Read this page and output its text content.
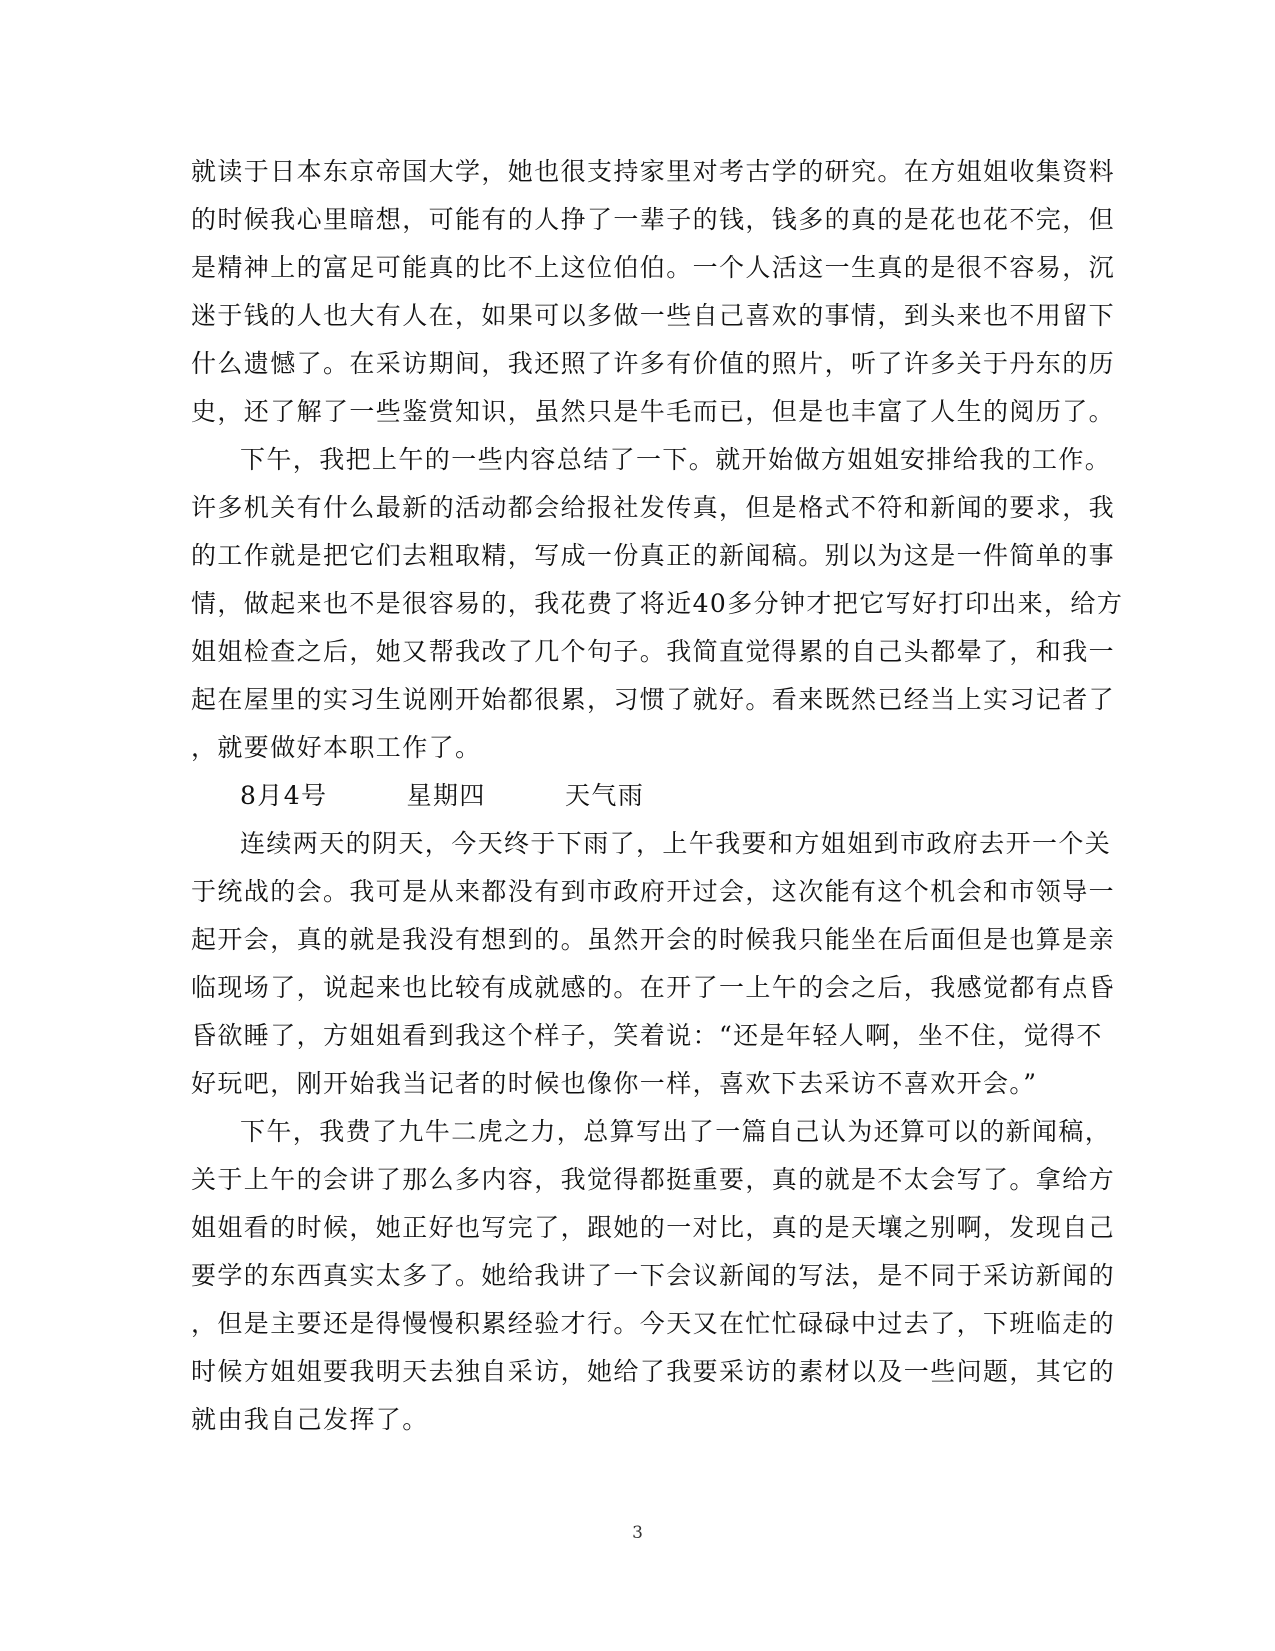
就读于日本东京帝国大学，她也很支持家里对考古学的研究。在方姐姐收集资料
的时候我心里暗想，可能有的人挣了一辈子的钱，钱多的真的是花也花不完，但
是精神上的富足可能真的比不上这位伯伯。一个人活这一生真的是很不容易，沉
迷于钱的人也大有人在，如果可以多做一些自己喜欢的事情，到头来也不用留下
什么遗憾了。在采访期间，我还照了许多有价值的照片，听了许多关于丹东的历
史，还了解了一些鉴赏知识，虽然只是牛毛而已，但是也丰富了人生的阅历了。
下午，我把上午的一些内容总结了一下。就开始做方姐姐安排给我的工作。
许多机关有什么最新的活动都会给报社发传真，但是格式不符和新闻的要求，我
的工作就是把它们去粗取精，写成一份真正的新闻稿。别以为这是一件简单的事
情，做起来也不是很容易的，我花费了将近40多分钟才把它写好打印出来，给方
姐姐检查之后，她又帮我改了几个句子。我简直觉得累的自己头都晕了，和我一
起在屋里的实习生说刚开始都很累，习惯了就好。看来既然已经当上实习记者了
，就要做好本职工作了。
8月4号　　　星期四　　　天气雨
连续两天的阴天，今天终于下雨了，上午我要和方姐姐到市政府去开一个关
于统战的会。我可是从来都没有到市政府开过会，这次能有这个机会和市领导一
起开会，真的就是我没有想到的。虽然开会的时候我只能坐在后面但是也算是亲
临现场了，说起来也比较有成就感的。在开了一上午的会之后，我感觉都有点昏
昏欲睡了，方姐姐看到我这个样子，笑着说：“还是年轻人啊，坐不住，觉得不
好玩吧，刚开始我当记者的时候也像你一样，喜欢下去采访不喜欢开会。”
下午，我费了九牛二虎之力，总算写出了一篇自己认为还算可以的新闻稿，
关于上午的会讲了那么多内容，我觉得都挺重要，真的就是不太会写了。拿给方
姐姐看的时候，她正好也写完了，跟她的一对比，真的是天壤之别啊，发现自己
要学的东西真实太多了。她给我讲了一下会议新闻的写法，是不同于采访新闻的
，但是主要还是得慢慢积累经验才行。今天又在忙忙碌碌中过去了，下班临走的
时候方姐姐要我明天去独自采访，她给了我要采访的素材以及一些问题，其它的
就由我自己发挥了。
3
